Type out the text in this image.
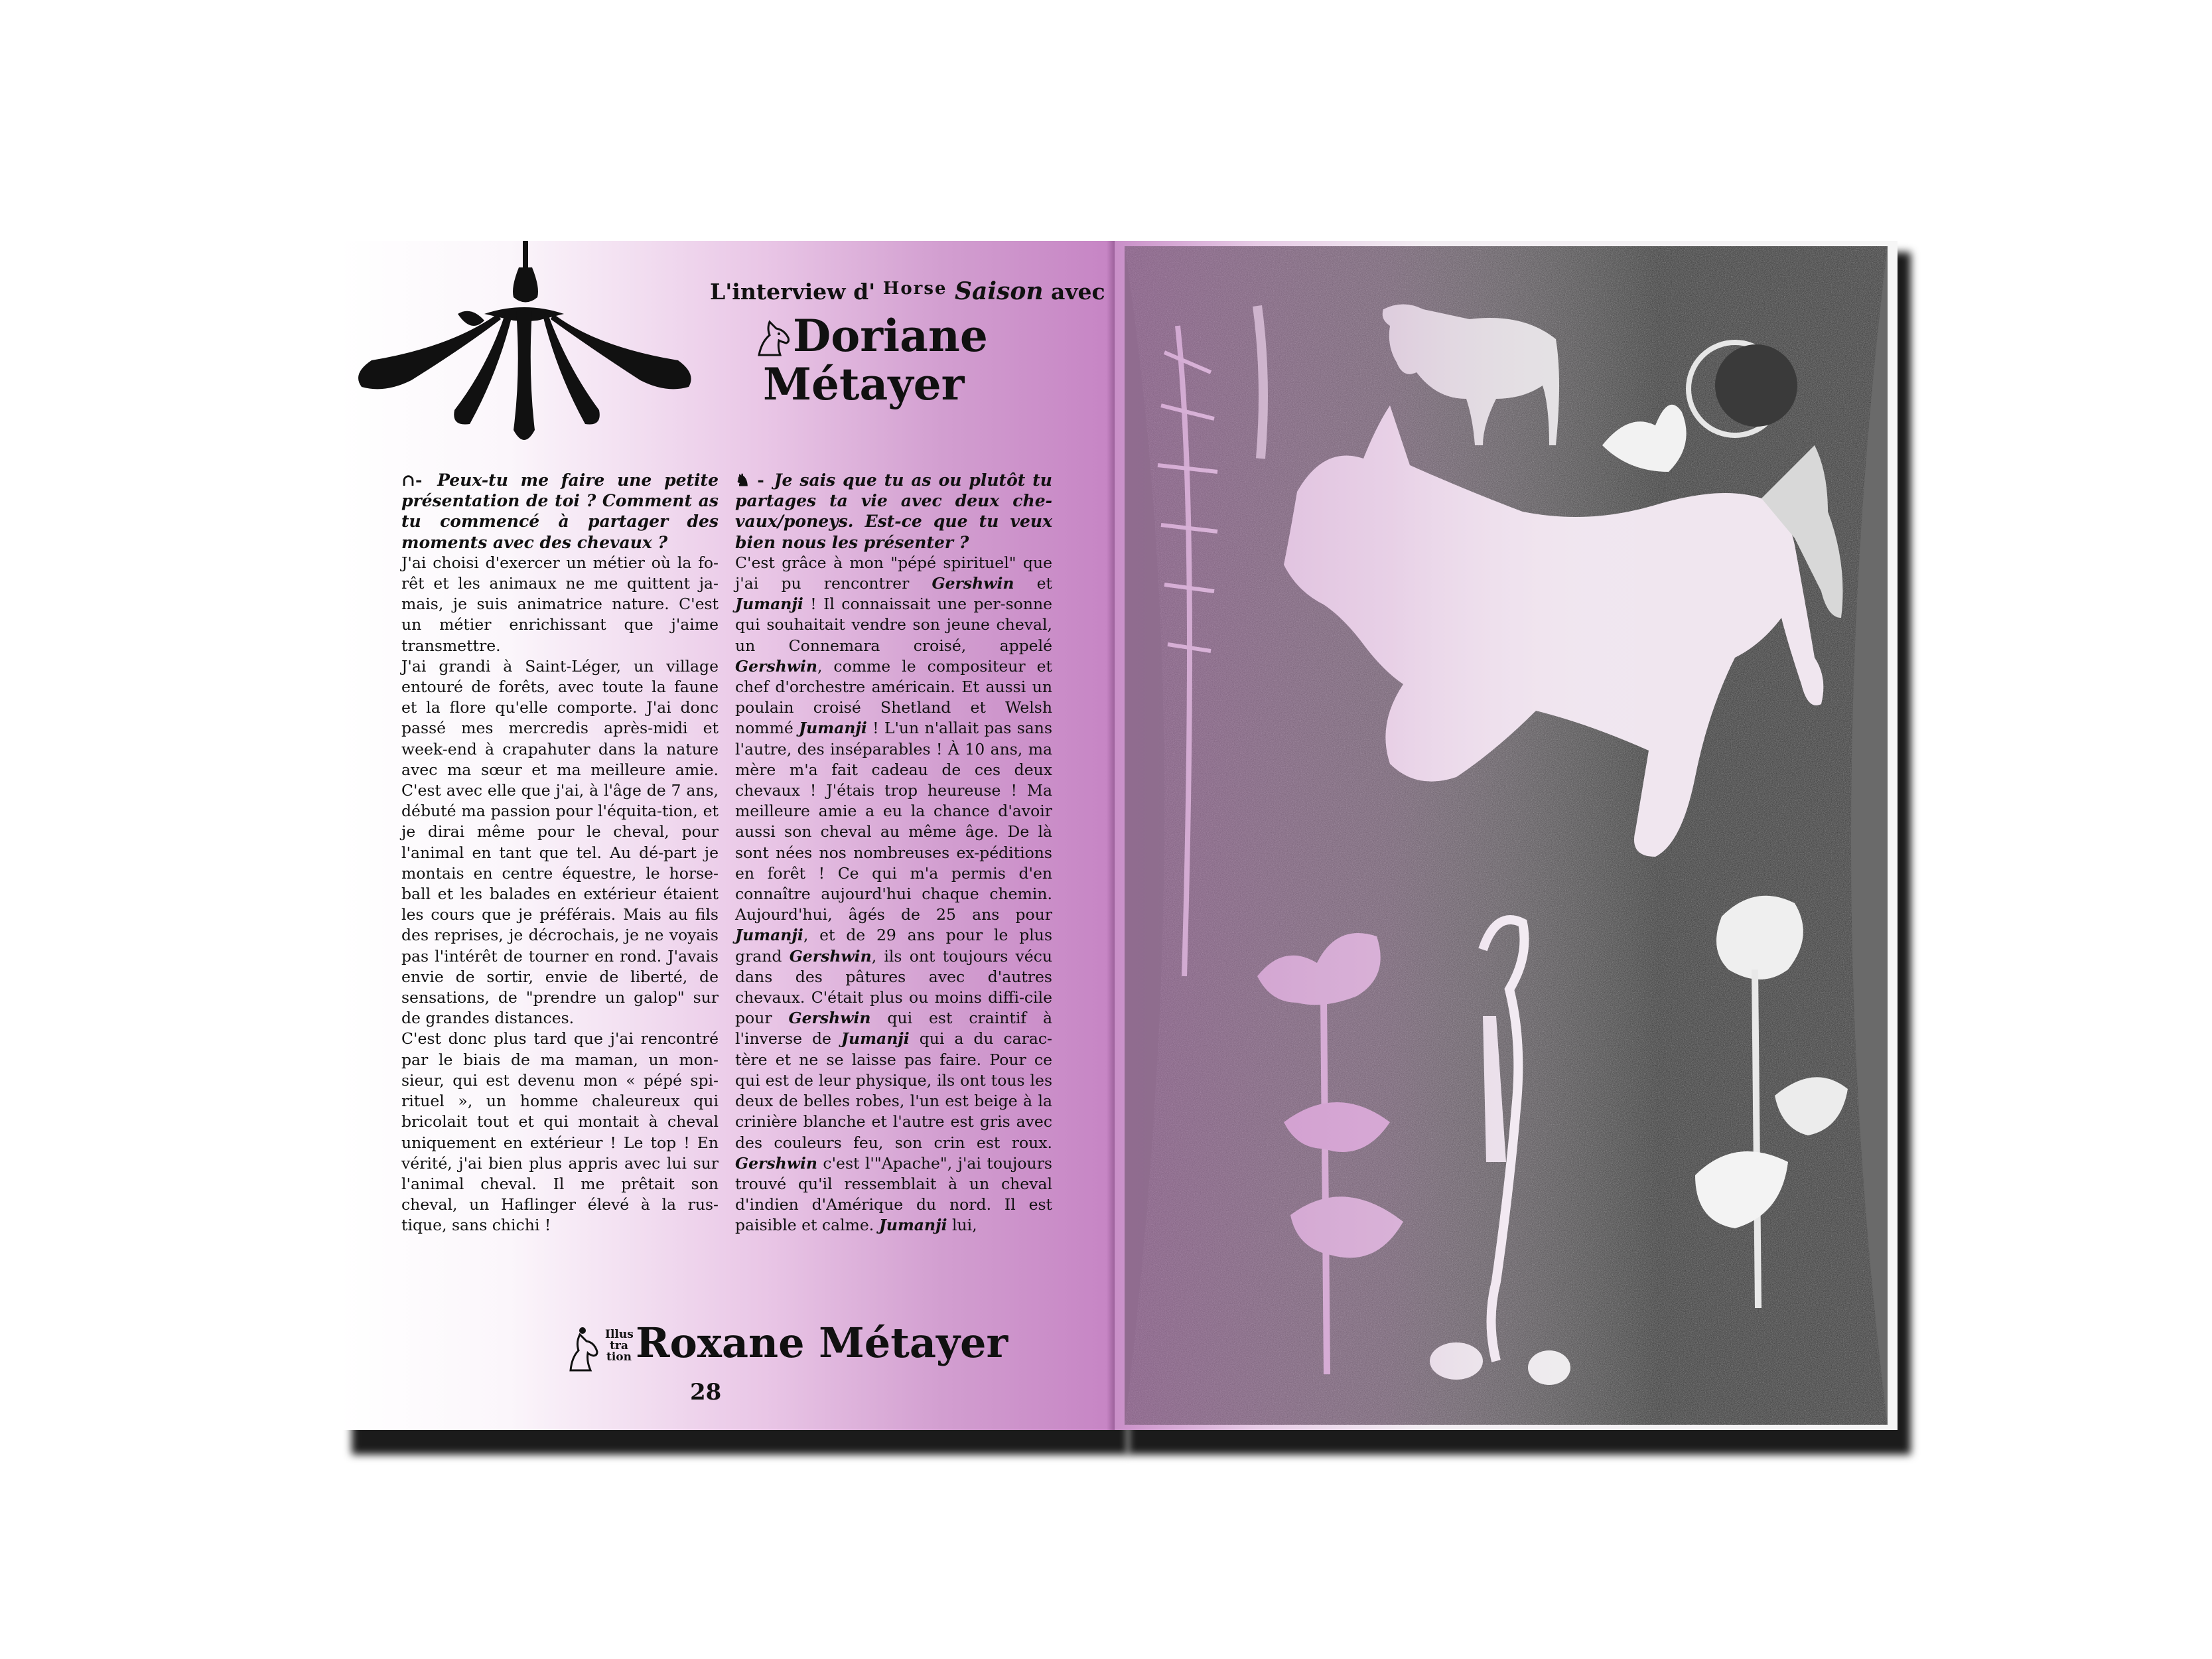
L'interview d' $^{Horse}$ Saison avec
Doriane
Métayer

∩- Peux-tu me faire une petite présentation de toi ? Comment as tu commencé à partager des moments avec des chevaux ?

J'ai choisi d'exercer un métier où la fo-rêt et les animaux ne me quittent ja-mais, je suis animatrice nature. C'est un métier enrichissant que j'aime transmettre.

J'ai grandi à Saint-Léger, un village entouré de forêts, avec toute la faune et la flore qu'elle comporte. J'ai donc passé mes mercredis après-midi et week-end à crapahuter dans la nature avec ma sœur et ma meilleure amie. C'est avec elle que j'ai, à l'âge de 7 ans, débuté ma passion pour l'équita-tion, et je dirai même pour le cheval, pour l'animal en tant que tel. Au dé-part je montais en centre équestre, le horse-ball et les balades en extérieur étaient les cours que je préférais. Mais au fils des reprises, je décrochais, je ne voyais pas l'intérêt de tourner en rond. J'avais envie de sortir, envie de liberté, de sensations, de "prendre un galop" sur de grandes distances.

C'est donc plus tard que j'ai rencontré par le biais de ma maman, un mon-sieur, qui est devenu mon « pépé spi-rituel », un homme chaleureux qui bricolait tout et qui montait à cheval uniquement en extérieur ! Le top ! En vérité, j'ai bien plus appris avec lui sur l'animal cheval. Il me prêtait son cheval, un Haflinger élevé à la rus-tique, sans chichi !

♞ - Je sais que tu as ou plutôt tu partages ta vie avec deux che-vaux/poneys. Est-ce que tu veux bien nous les présenter ?

C'est grâce à mon "pépé spirituel" que j'ai pu rencontrer Gershwin et Jumanji ! Il connaissait une per-sonne qui souhaitait vendre son jeune cheval, un Connemara croisé, appelé Gershwin, comme le compositeur et chef d'orchestre américain. Et aussi un poulain croisé Shetland et Welsh nommé Jumanji ! L'un n'allait pas sans l'autre, des inséparables ! À 10 ans, ma mère m'a fait cadeau de ces deux chevaux ! J'étais trop heureuse ! Ma meilleure amie a eu la chance d'avoir aussi son cheval au même âge. De là sont nées nos nombreuses ex-péditions en forêt ! Ce qui m'a permis d'en connaître aujourd'hui chaque chemin. Aujourd'hui, âgés de 25 ans pour Jumanji, et de 29 ans pour le plus grand Gershwin, ils ont toujours vécu dans des pâtures avec d'autres chevaux. C'était plus ou moins diffi-cile pour Gershwin qui est craintif à l'inverse de Jumanji qui a du carac-tère et ne se laisse pas faire. Pour ce qui est de leur physique, ils ont tous les deux de belles robes, l'un est beige à la crinière blanche et l'autre est gris avec des couleurs feu, son crin est roux. Gershwin c'est l'"Apache", j'ai toujours trouvé qu'il ressemblait à un cheval d'indien d'Amérique du nord. Il est paisible et calme. Jumanji lui,

Illus
tra
tion Roxane Métayer
28
